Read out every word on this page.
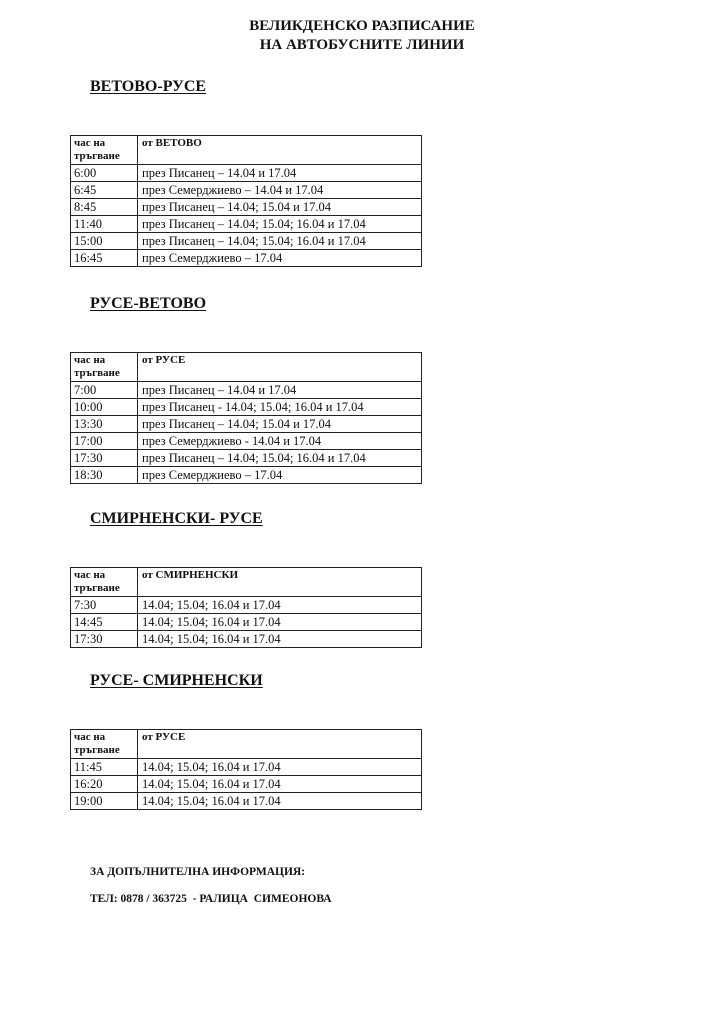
ВЕЛИКДЕНСКО РАЗПИСАНИЕ
НА АВТОБУСНИТЕ ЛИНИИ
ВЕТОВО-РУСЕ
час на
тръгване	от ВЕТОВО
6:00	през Писанец – 14.04 и 17.04
6:45	през Семерджиево – 14.04 и 17.04
8:45	през Писанец – 14.04; 15.04 и 17.04
11:40	през Писанец – 14.04; 15.04; 16.04 и 17.04
15:00	през Писанец – 14.04; 15.04; 16.04 и 17.04
16:45	през Семерджиево – 17.04
РУСЕ-ВЕТОВО
час на
тръгване	от РУСЕ
7:00	през Писанец – 14.04 и 17.04
10:00	през Писанец - 14.04; 15.04; 16.04 и 17.04
13:30	през Писанец – 14.04; 15.04 и 17.04
17:00	през Семерджиево - 14.04 и 17.04
17:30	през Писанец – 14.04; 15.04; 16.04 и 17.04
18:30	през Семерджиево – 17.04
СМИРНЕНСКИ- РУСЕ
час на
тръгване	от СМИРНЕНСКИ
7:30	14.04; 15.04; 16.04 и 17.04
14:45	14.04; 15.04; 16.04 и 17.04
17:30	14.04; 15.04; 16.04 и 17.04
РУСЕ- СМИРНЕНСКИ
час на
тръгване	от РУСЕ
11:45	14.04; 15.04; 16.04 и 17.04
16:20	14.04; 15.04; 16.04 и 17.04
19:00	14.04; 15.04; 16.04 и 17.04
ЗА ДОПЪЛНИТЕЛНА ИНФОРМАЦИЯ:
ТЕЛ: 0878 / 363725  - РАЛИЦА  СИМЕОНОВА
